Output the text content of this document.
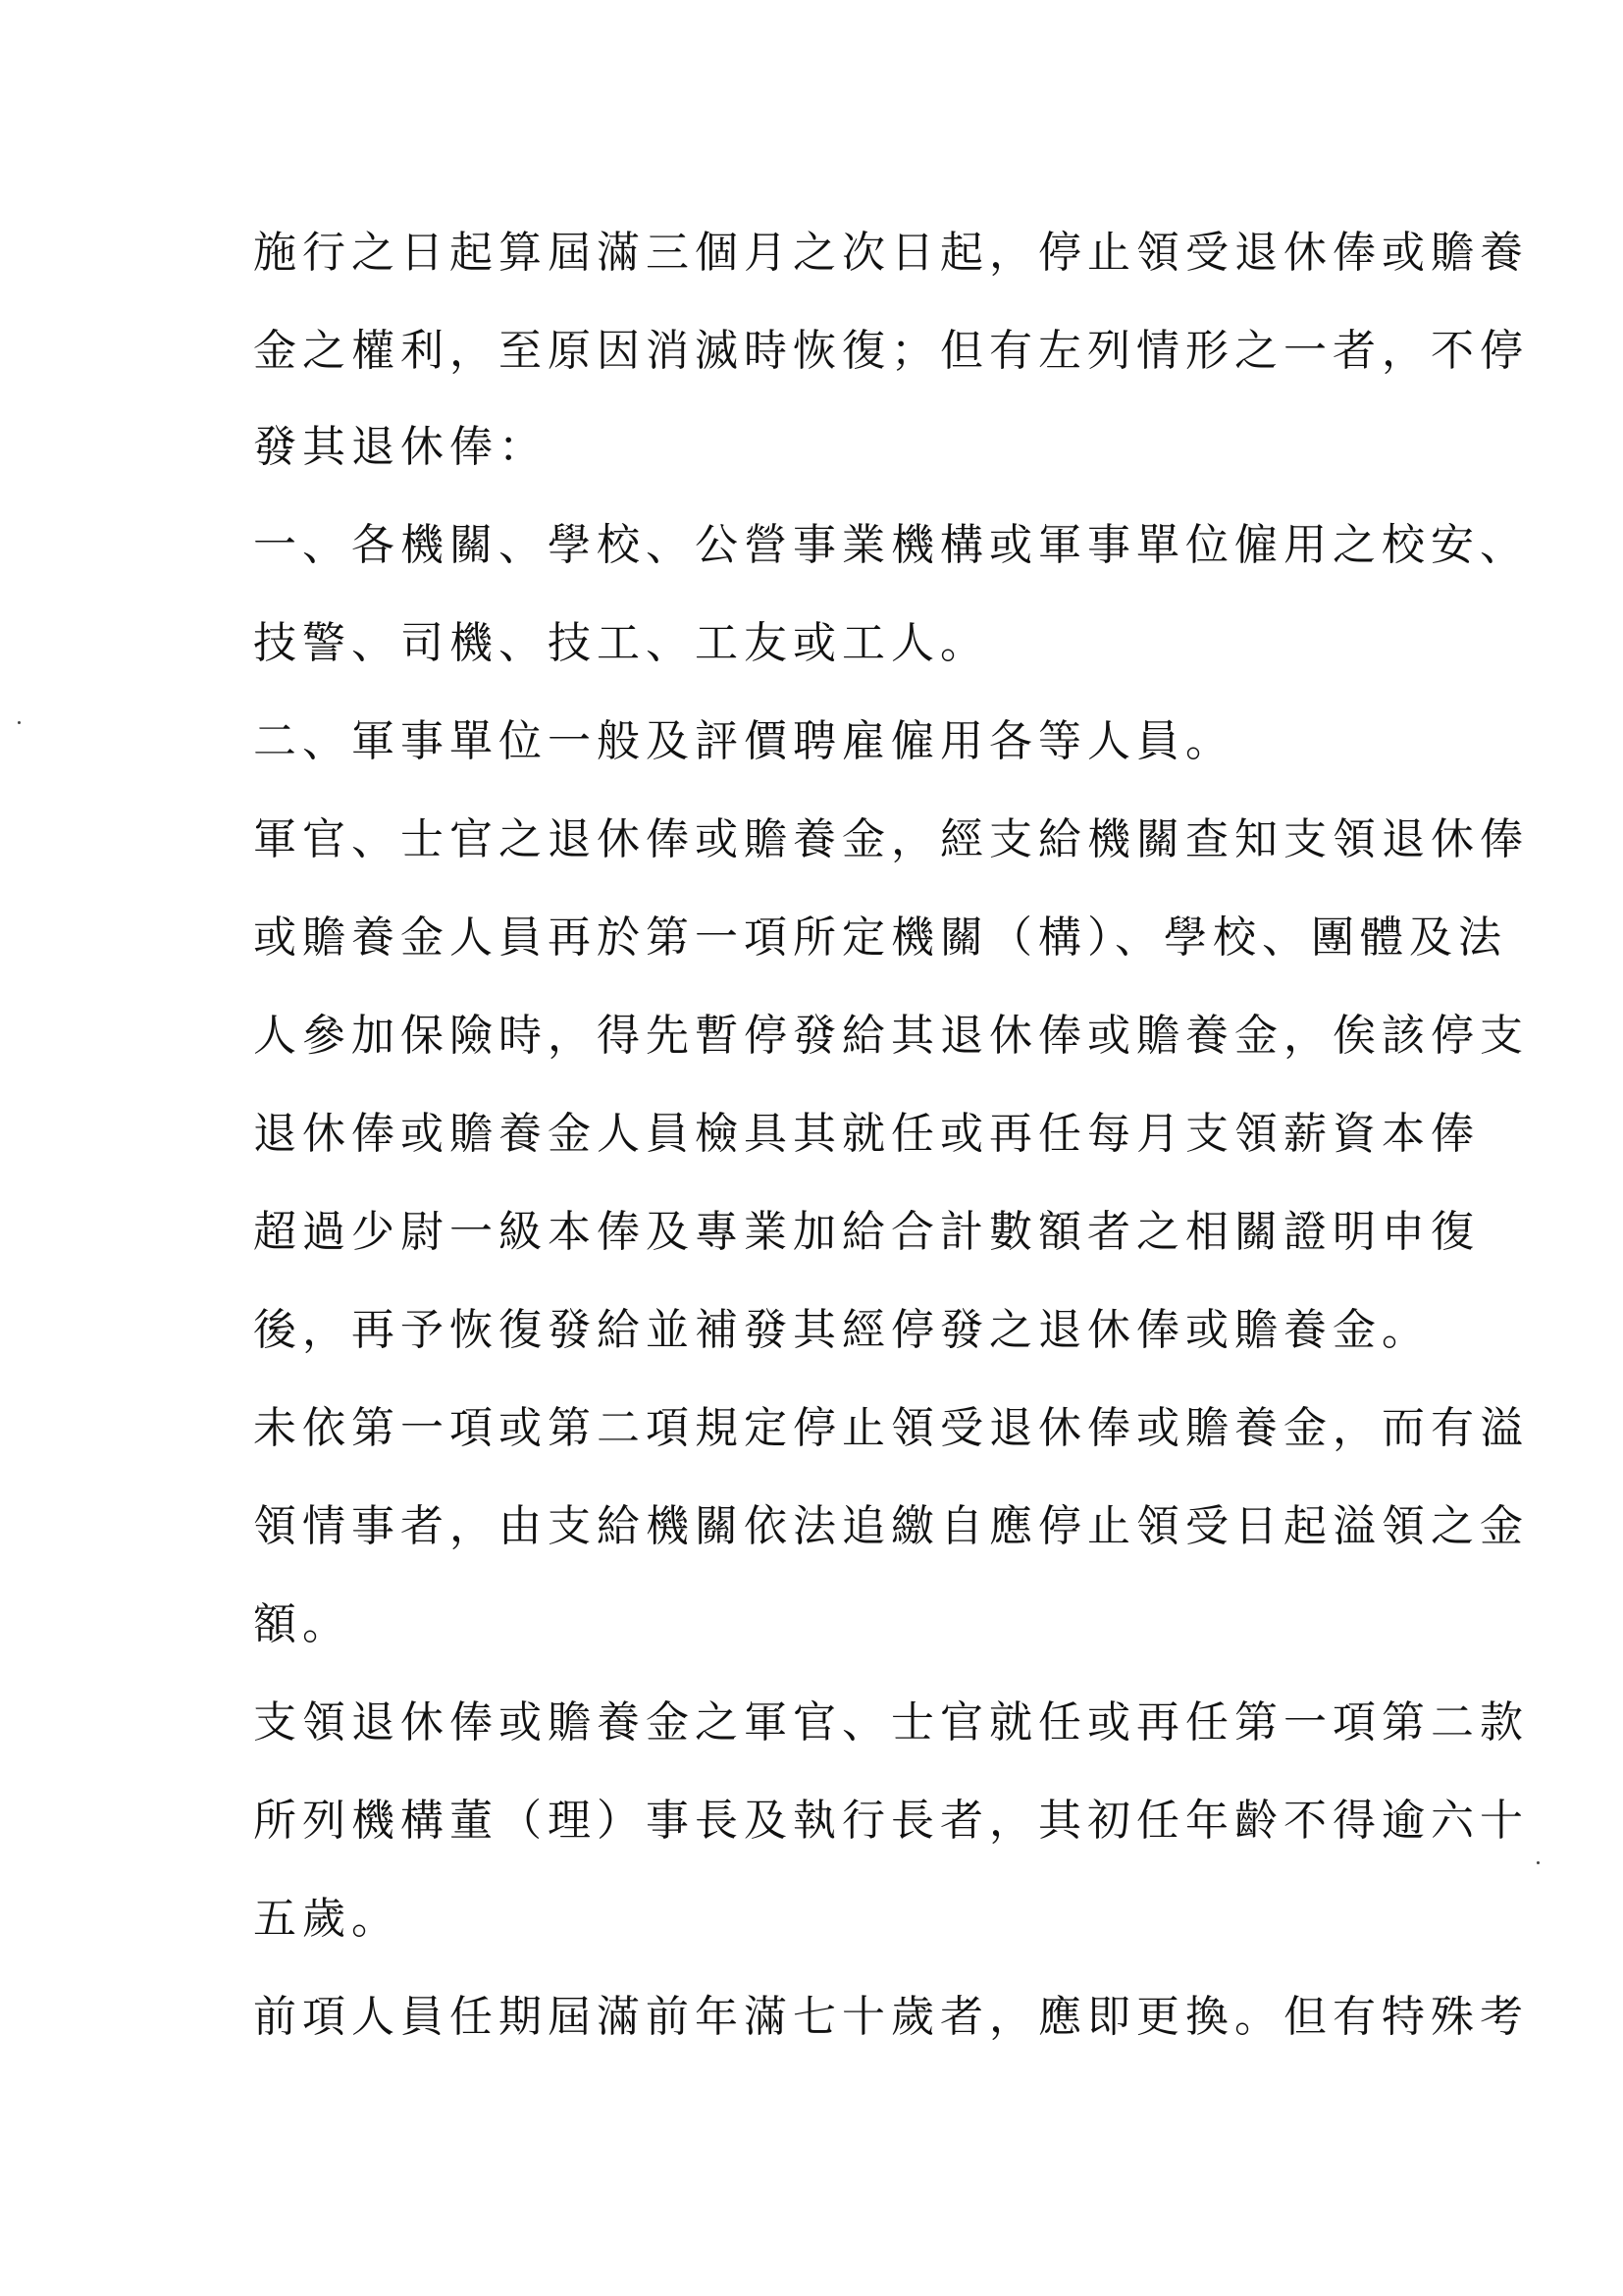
施行之日起算屆滿三個月之次日起，停止領受退休俸或贍養
金之權利，至原因消滅時恢復；但有左列情形之一者，不停
發其退休俸：
一、各機關、學校、公營事業機構或軍事單位僱用之校安、
技警、司機、技工、工友或工人。
二、軍事單位一般及評價聘雇僱用各等人員。
軍官、士官之退休俸或贍養金，經支給機關查知支領退休俸
或贍養金人員再於第一項所定機關（構）、學校、團體及法
人參加保險時，得先暫停發給其退休俸或贍養金，俟該停支
退休俸或贍養金人員檢具其就任或再任每月支領薪資本俸
超過少尉一級本俸及專業加給合計數額者之相關證明申復
後，再予恢復發給並補發其經停發之退休俸或贍養金。
未依第一項或第二項規定停止領受退休俸或贍養金，而有溢
領情事者，由支給機關依法追繳自應停止領受日起溢領之金
額。
支領退休俸或贍養金之軍官、士官就任或再任第一項第二款
所列機構董（理）事長及執行長者，其初任年齡不得逾六十
五歲。
前項人員任期屆滿前年滿七十歲者，應即更換。但有特殊考
